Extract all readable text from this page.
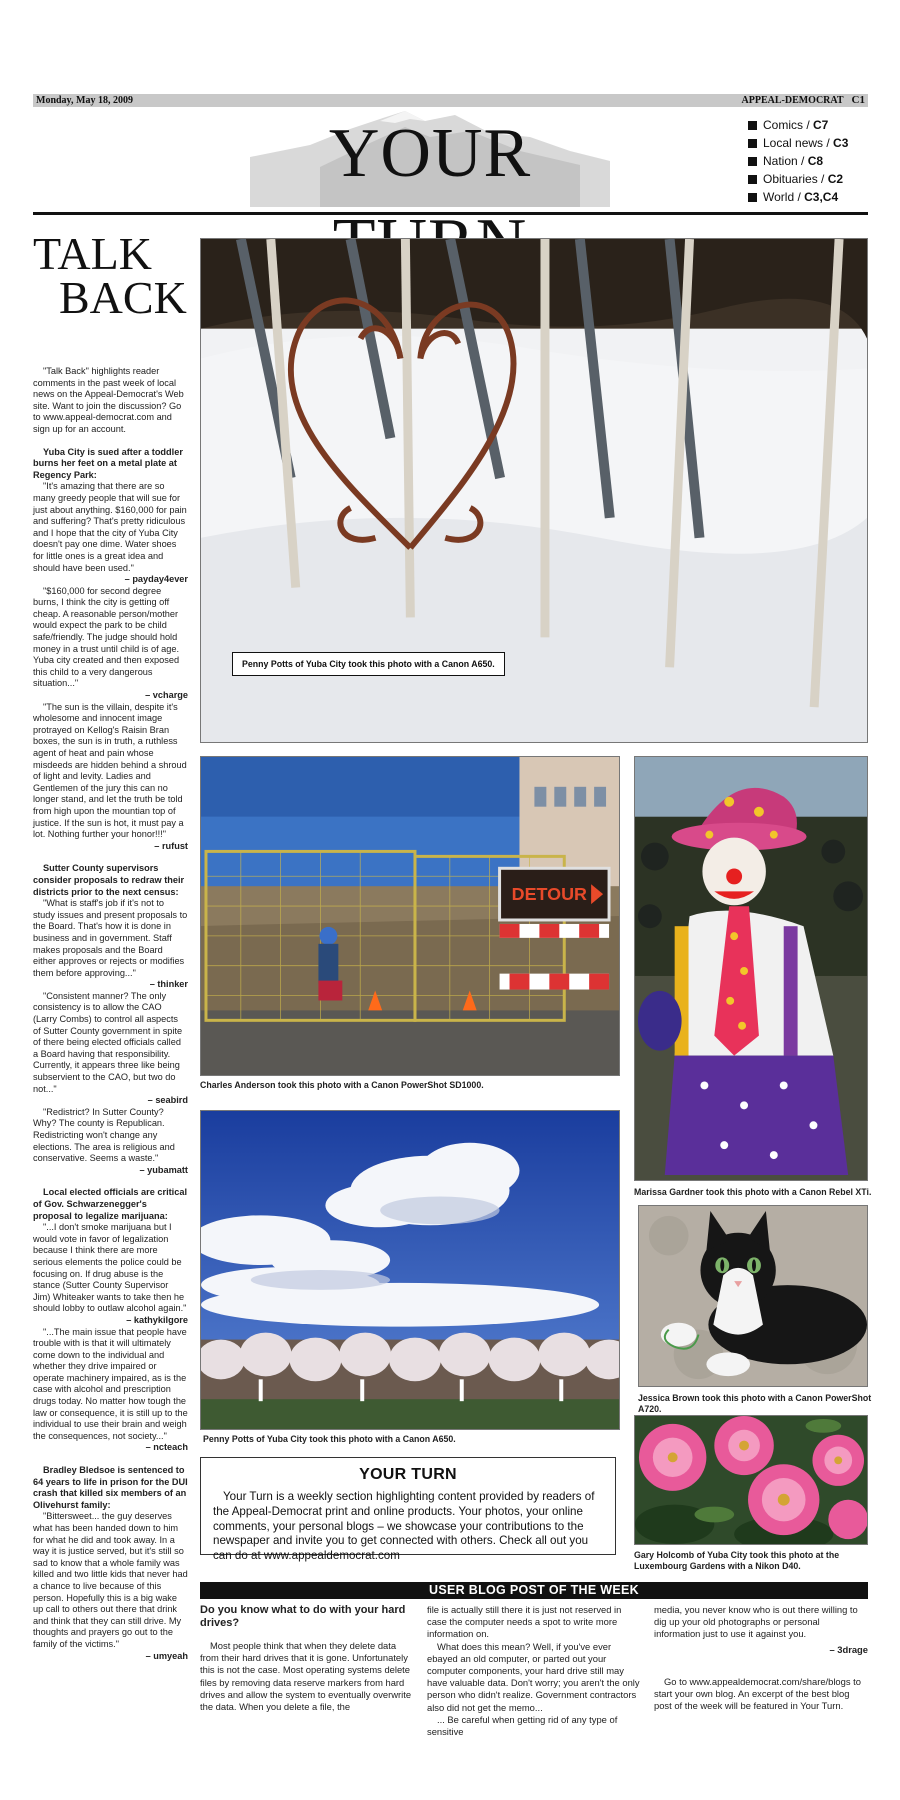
Monday, May 18, 2009	APPEAL-DEMOCRAT C1
YOUR	Comics / C7
Local news / C3
Nation / C8
Obituaries / C2
World / C3,C4
TALK
BACK

"Talk Back" highlights reader comments in the past week of local news on the Appeal-Democrat's Web site. Want to join the discussion? Go to www.appeal-democrat.com and sign up for an account.

Yuba City is sued after a toddler burns her feet on a metal plate at Regency Park:

"It's amazing that there are so many greedy people that will sue for just about anything. $160,000 for pain and suffering? That's pretty ridiculous and I hope that the city of Yuba City doesn't pay one dime. Water shoes for little ones is a great idea and should have been used."

– payday4ever

"$160,000 for second degree burns, I think the city is getting off cheap. A reasonable person/mother would expect the park to be child safe/friendly. The judge should hold money in a trust until child is of age. Yuba city created and then exposed this child to a very dangerous situation..."

– vcharge

"The sun is the villain, despite it's wholesome and innocent image protrayed on Kellog's Raisin Bran boxes, the sun is in truth, a ruthless agent of heat and pain whose misdeeds are hidden behind a shroud of light and levity. Ladies and Gentlemen of the jury this can no longer stand, and let the truth be told from high upon the mountian top of justice. If the sun is hot, it must pay a lot. Nothing further your honor!!!"

– rufust

Sutter County supervisors consider proposals to redraw their districts prior to the next census:

"What is staff's job if it's not to study issues and present proposals to the Board. That's how it is done in business and in government. Staff makes proposals and the Board either approves or rejects or modifies them before approving..."

– thinker

"Consistent manner? The only consistency is to allow the CAO (Larry Combs) to control all aspects of Sutter County government in spite of there being elected officials called a Board having that responsibility. Currently, it appears three like being subservient to the CAO, but two do not..."

– seabird

"Redistrict? In Sutter County? Why? The county is Republican. Redistricting won't change any elections. The area is religious and conservative. Seems a waste."

– yubamatt

Local elected officials are critical of Gov. Schwarzenegger's proposal to legalize marijuana:

"...I don't smoke marijuana but I would vote in favor of legalization because I think there are more serious elements the police could be focusing on. If drug abuse is the stance (Sutter County Supervisor Jim) Whiteaker wants to take then he should lobby to outlaw alcohol again."

– kathykilgore

"...The main issue that people have trouble with is that it will ultimately come down to the individual and whether they drive impaired or operate machinery impaired, as is the case with alcohol and prescription drugs today. No matter how tough the law or consequence, it is still up to the individual to use their brain and weigh the consequences, not society..."

– ncteach

Bradley Bledsoe is sentenced to 64 years to life in prison for the DUI crash that killed six members of an Olivehurst family:

"Bittersweet... the guy deserves what has been handed down to him for what he did and took away. In a way it is justice served, but it's still so sad to know that a whole family was killed and two little kids that never had a chance to live because of this person. Hopefully this is a big wake up call to others out there that drink and think that they can still drive. My thoughts and prayers go out to the family of the victims."

– umyeah
Penny Potts of Yuba City took this photo with a Canon A650.
DETOUR
Charles Anderson took this photo with a Canon PowerShot SD1000.
Marissa Gardner took this photo with a Canon Rebel XTi.
Penny Potts of Yuba City took this photo with a Canon A650.
Jessica Brown took this photo with a Canon PowerShot A720.
Gary Holcomb of Yuba City took this photo at the Luxembourg Gardens with a Nikon D40.
YOUR TURN

Your Turn is a weekly section highlighting content provided by readers of the Appeal-Democrat print and online products. Your photos, your online comments, your personal blogs – we showcase your contributions to the newspaper and invite you to get connected with others. Check all out you can do at www.appealdemocrat.com

USER BLOG POST OF THE WEEK
Do you know what to do with your hard drives?

Most people think that when they delete data from their hard drives that it is gone. Unfortunately this is not the case. Most operating systems delete files by removing data reserve markers from hard drives and allow the system to eventually overwrite the data. When you delete a file, the

file is actually still there it is just not reserved in case the computer needs a spot to write more information on.

What does this mean? Well, if you've ever ebayed an old computer, or parted out your computer components, your hard drive still may have valuable data. Don't worry; you aren't the only person who didn't realize. Government contractors also did not get the memo...

... Be careful when getting rid of any type of sensitive

media, you never know who is out there willing to dig up your old photographs or personal information just to use it against you.

– 3drage

Go to www.appealdemocrat.com/share/blogs to start your own blog. An excerpt of the best blog post of the week will be featured in Your Turn.
